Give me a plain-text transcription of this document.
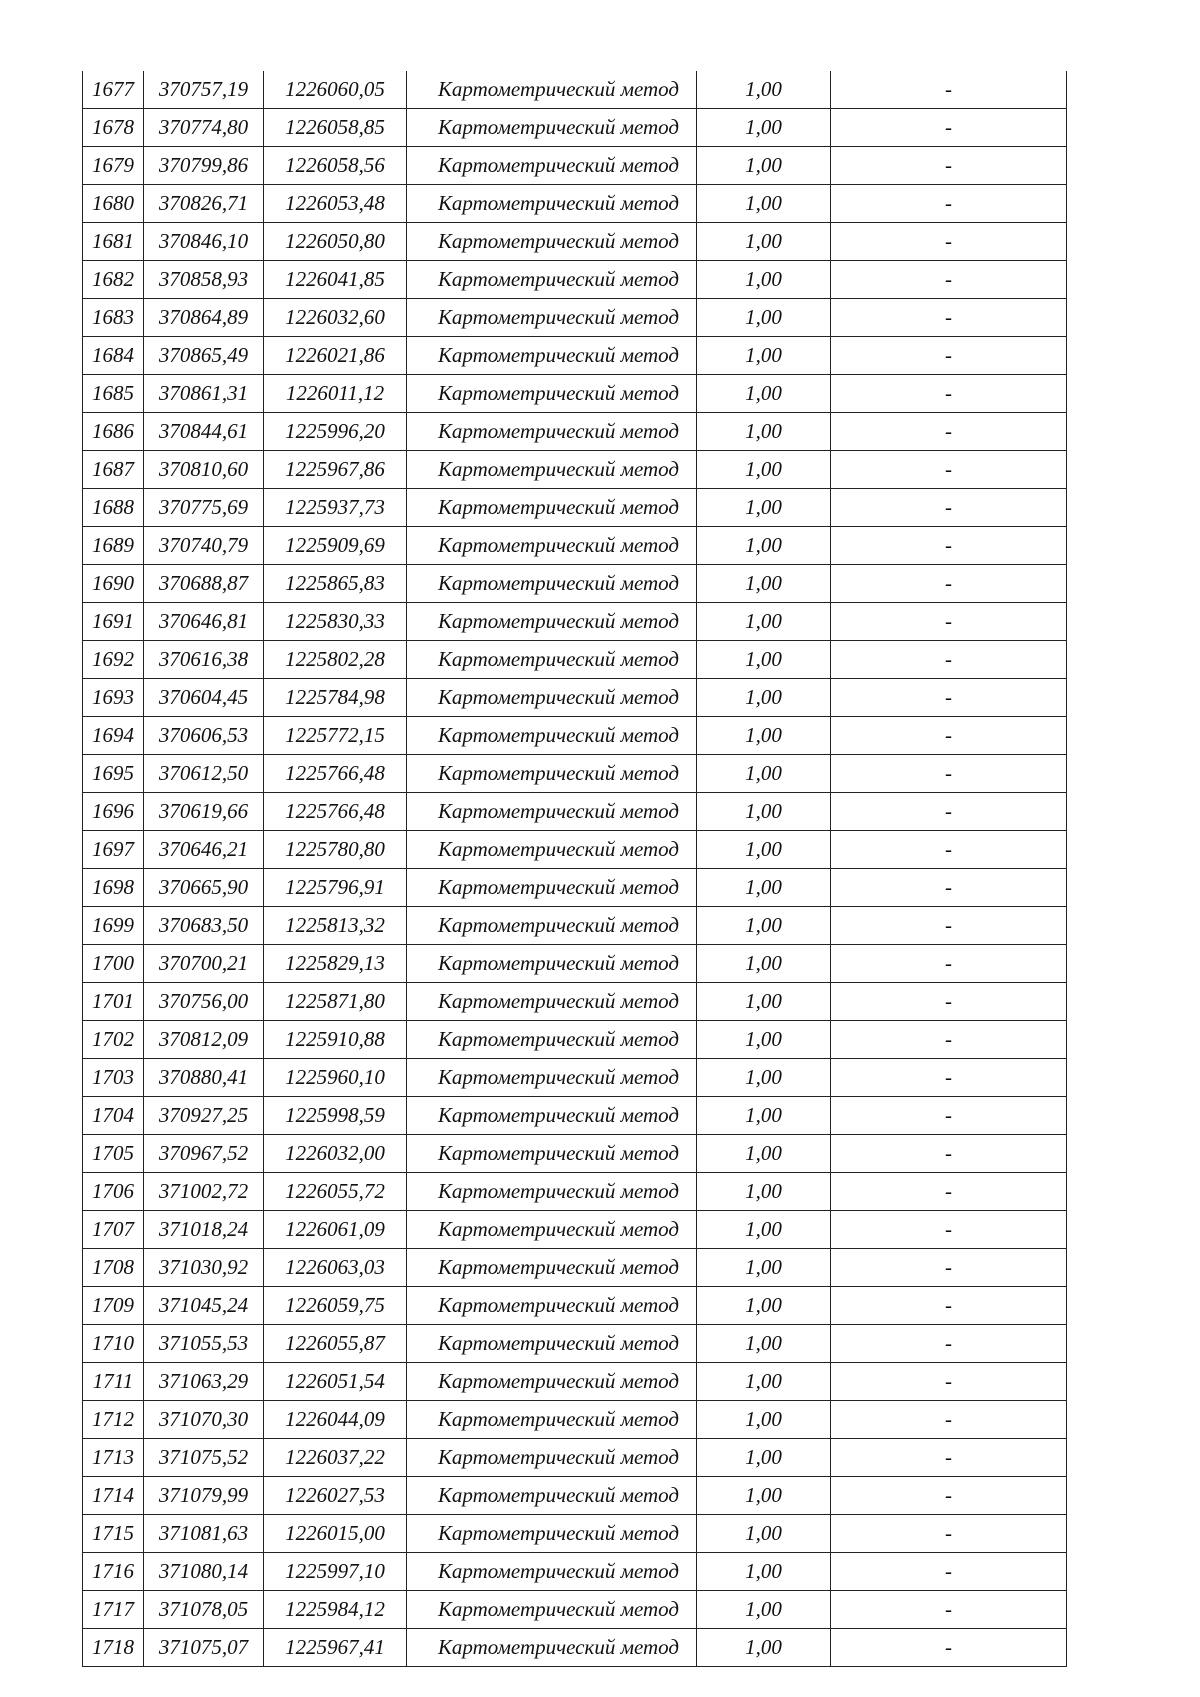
1677	370757,19	1226060,05	Картометрический метод	1,00	-
1678	370774,80	1226058,85	Картометрический метод	1,00	-
1679	370799,86	1226058,56	Картометрический метод	1,00	-
1680	370826,71	1226053,48	Картометрический метод	1,00	-
1681	370846,10	1226050,80	Картометрический метод	1,00	-
1682	370858,93	1226041,85	Картометрический метод	1,00	-
1683	370864,89	1226032,60	Картометрический метод	1,00	-
1684	370865,49	1226021,86	Картометрический метод	1,00	-
1685	370861,31	1226011,12	Картометрический метод	1,00	-
1686	370844,61	1225996,20	Картометрический метод	1,00	-
1687	370810,60	1225967,86	Картометрический метод	1,00	-
1688	370775,69	1225937,73	Картометрический метод	1,00	-
1689	370740,79	1225909,69	Картометрический метод	1,00	-
1690	370688,87	1225865,83	Картометрический метод	1,00	-
1691	370646,81	1225830,33	Картометрический метод	1,00	-
1692	370616,38	1225802,28	Картометрический метод	1,00	-
1693	370604,45	1225784,98	Картометрический метод	1,00	-
1694	370606,53	1225772,15	Картометрический метод	1,00	-
1695	370612,50	1225766,48	Картометрический метод	1,00	-
1696	370619,66	1225766,48	Картометрический метод	1,00	-
1697	370646,21	1225780,80	Картометрический метод	1,00	-
1698	370665,90	1225796,91	Картометрический метод	1,00	-
1699	370683,50	1225813,32	Картометрический метод	1,00	-
1700	370700,21	1225829,13	Картометрический метод	1,00	-
1701	370756,00	1225871,80	Картометрический метод	1,00	-
1702	370812,09	1225910,88	Картометрический метод	1,00	-
1703	370880,41	1225960,10	Картометрический метод	1,00	-
1704	370927,25	1225998,59	Картометрический метод	1,00	-
1705	370967,52	1226032,00	Картометрический метод	1,00	-
1706	371002,72	1226055,72	Картометрический метод	1,00	-
1707	371018,24	1226061,09	Картометрический метод	1,00	-
1708	371030,92	1226063,03	Картометрический метод	1,00	-
1709	371045,24	1226059,75	Картометрический метод	1,00	-
1710	371055,53	1226055,87	Картометрический метод	1,00	-
1711	371063,29	1226051,54	Картометрический метод	1,00	-
1712	371070,30	1226044,09	Картометрический метод	1,00	-
1713	371075,52	1226037,22	Картометрический метод	1,00	-
1714	371079,99	1226027,53	Картометрический метод	1,00	-
1715	371081,63	1226015,00	Картометрический метод	1,00	-
1716	371080,14	1225997,10	Картометрический метод	1,00	-
1717	371078,05	1225984,12	Картометрический метод	1,00	-
1718	371075,07	1225967,41	Картометрический метод	1,00	-
